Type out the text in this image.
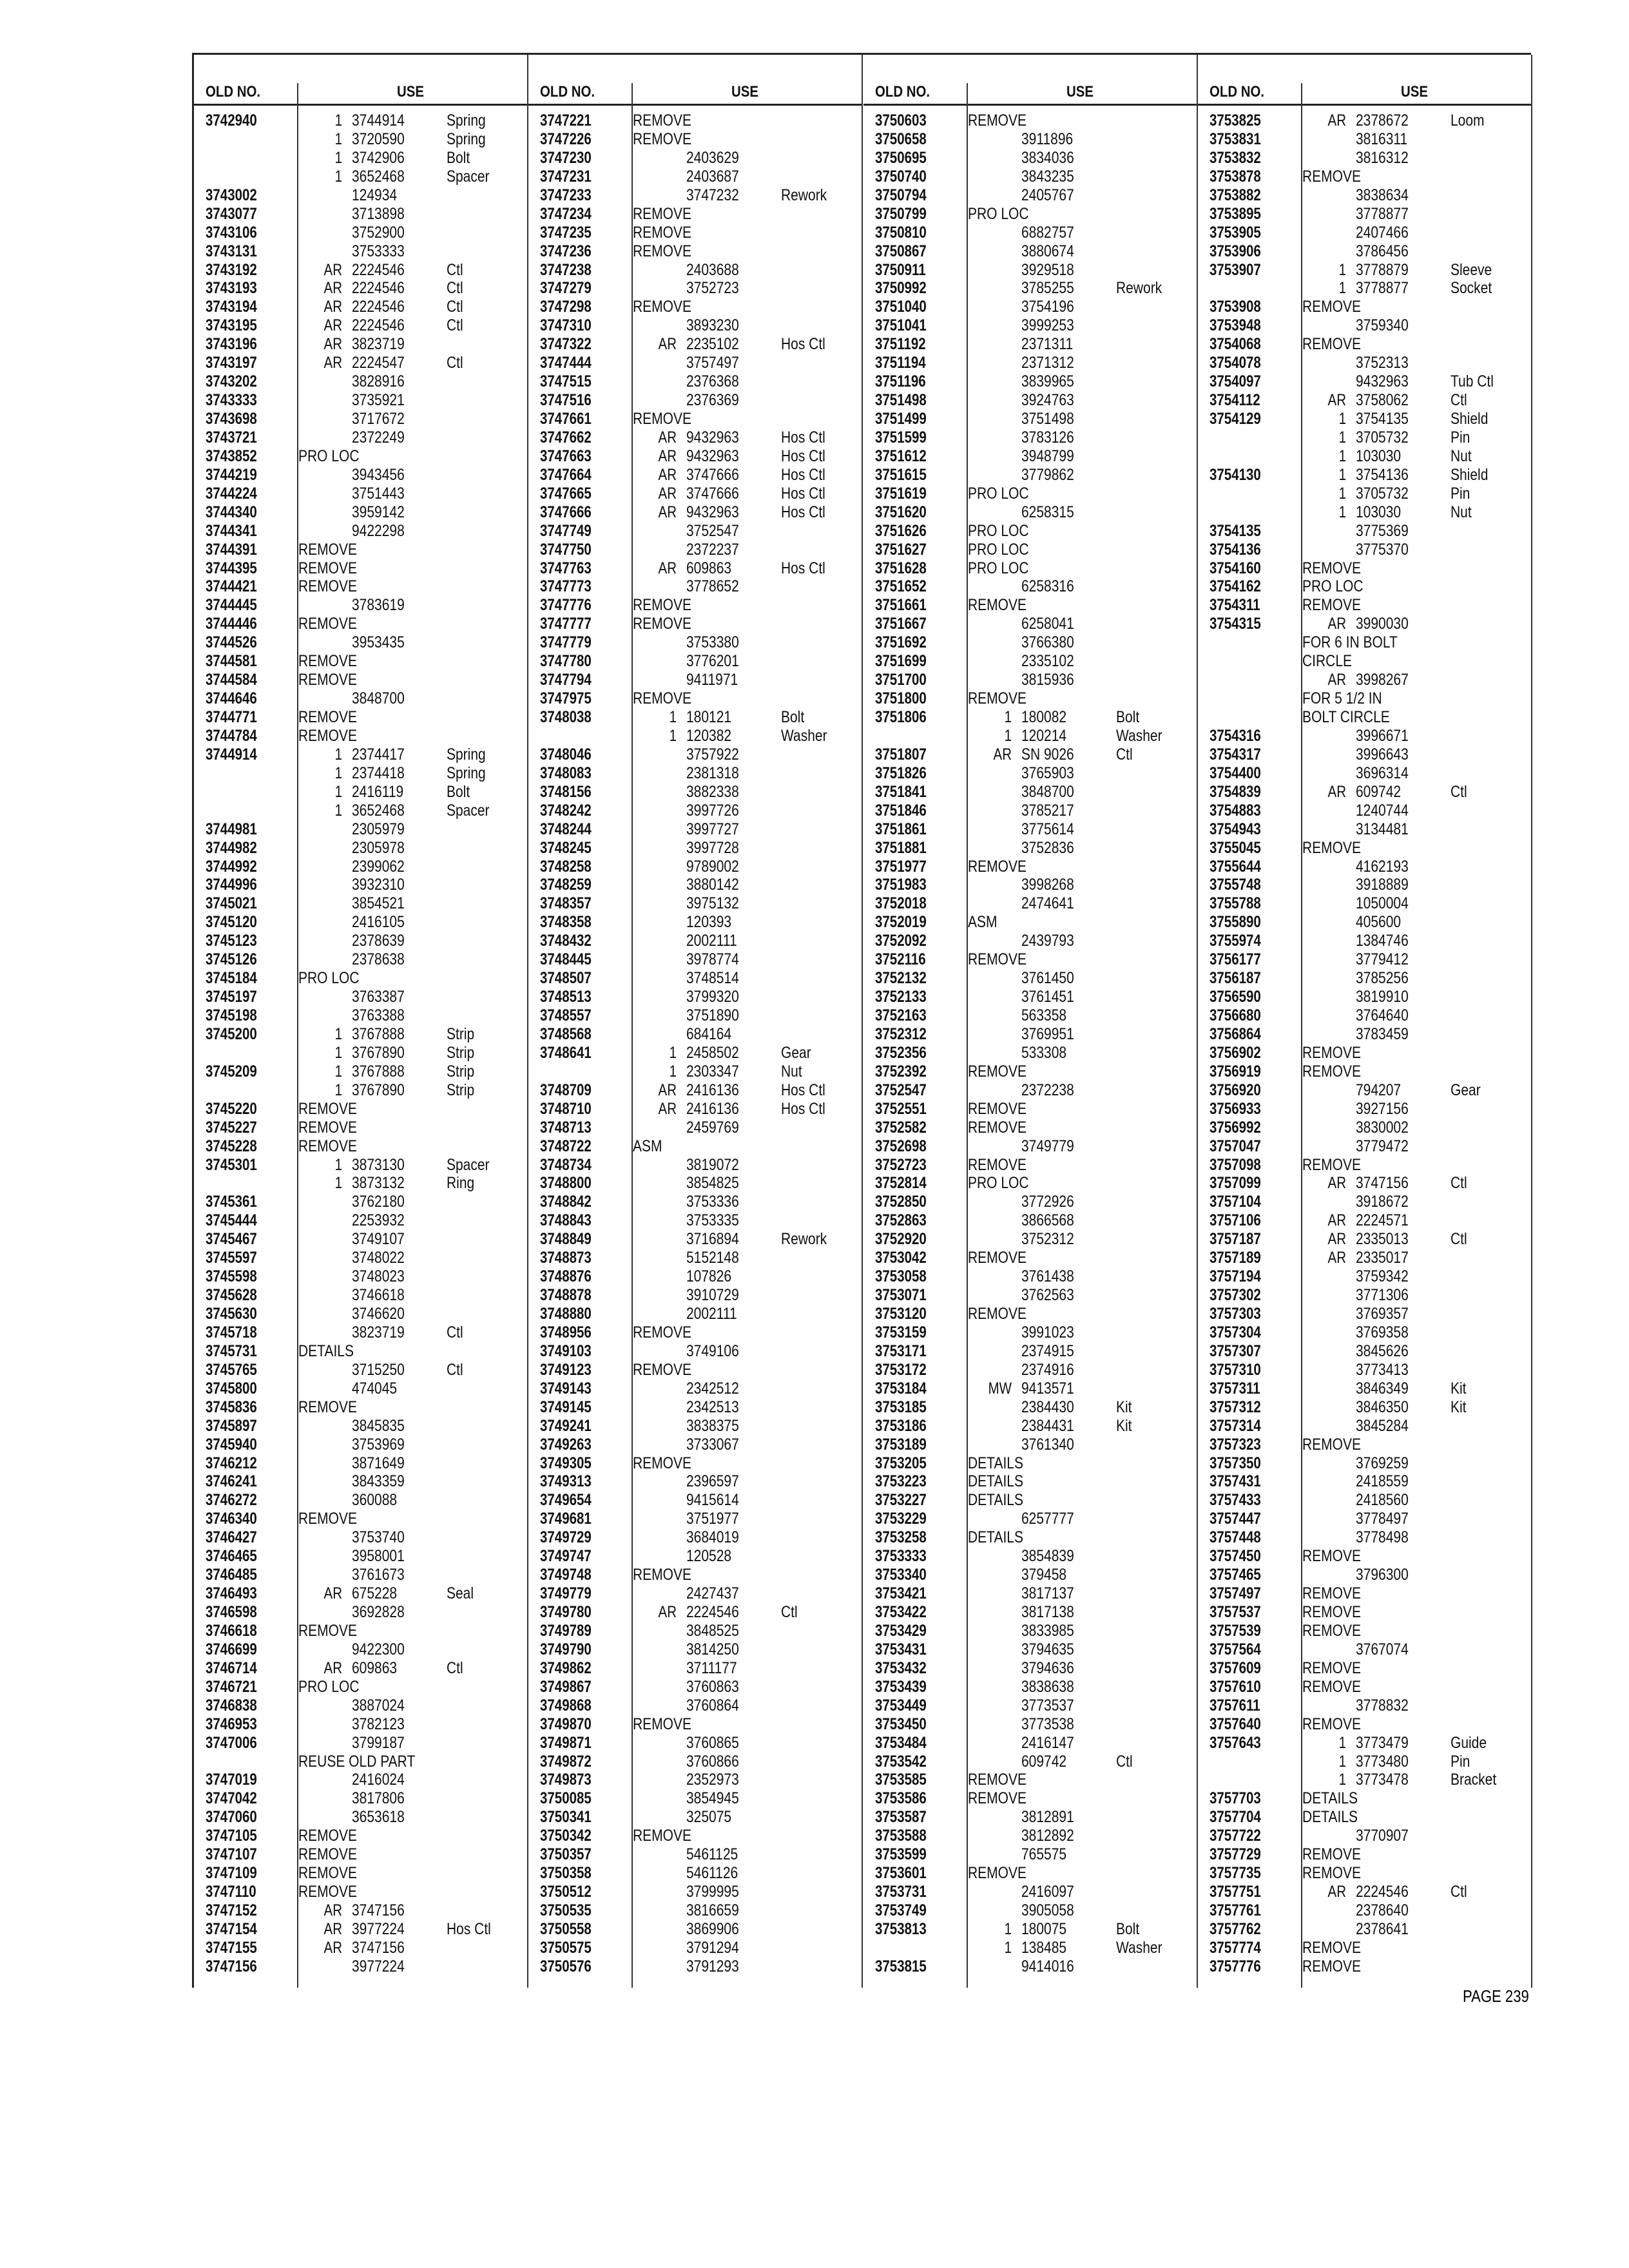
OLD NO.	USE
3742940	1 3744914	Spring
1 3720590	Spring
1 3742906	Bolt
1 3652468	Spacer
3743002	124934
3743077	3713898
3743106	3752900
3743131	3753333
3743192	AR 2224546	Ctl
3743193	AR 2224546	Ctl
3743194	AR 2224546	Ctl
3743195	AR 2224546	Ctl
3743196	AR 3823719
3743197	AR 2224547	Ctl
3743202	3828916
3743333	3735921
3743698	3717672
3743721	2372249
3743852	PRO LOC
3744219	3943456
3744224	3751443
3744340	3959142
3744341	9422298
3744391	REMOVE
3744395	REMOVE
3744421	REMOVE
3744445	3783619
3744446	REMOVE
3744526	3953435
3744581	REMOVE
3744584	REMOVE
3744646	3848700
3744771	REMOVE
3744784	REMOVE
3744914	1 2374417	Spring
1 2374418	Spring
1 2416119	Bolt
1 3652468	Spacer
3744981	2305979
3744982	2305978
3744992	2399062
3744996	3932310
3745021	3854521
3745120	2416105
3745123	2378639
3745126	2378638
3745184	PRO LOC
3745197	3763387
3745198	3763388
3745200	1 3767888	Strip
1 3767890	Strip
3745209	1 3767888	Strip
1 3767890	Strip
3745220	REMOVE
3745227	REMOVE
3745228	REMOVE
3745301	1 3873130	Spacer
1 3873132	Ring
3745361	3762180
3745444	2253932
3745467	3749107
3745597	3748022
3745598	3748023
3745628	3746618
3745630	3746620
3745718	3823719	Ctl
3745731	DETAILS
3745765	3715250	Ctl
3745800	474045
3745836	REMOVE
3745897	3845835
3745940	3753969
3746212	3871649
3746241	3843359
3746272	360088
3746340	REMOVE
3746427	3753740
3746465	3958001
3746485	3761673
3746493	AR 675228	Seal
3746598	3692828
3746618	REMOVE
3746699	9422300
3746714	AR 609863	Ctl
3746721	PRO LOC
3746838	3887024
3746953	3782123
3747006	3799187
REUSE OLD PART
3747019	2416024
3747042	3817806
3747060	3653618
3747105	REMOVE
3747107	REMOVE
3747109	REMOVE
3747110	REMOVE
3747152	AR 3747156
3747154	AR 3977224	Hos Ctl
3747155	AR 3747156
3747156	3977224
OLD NO.	USE
3747221	REMOVE
3747226	REMOVE
3747230	2403629
3747231	2403687
3747233	3747232	Rework
3747234	REMOVE
3747235	REMOVE
3747236	REMOVE
3747238	2403688
3747279	3752723
3747298	REMOVE
3747310	3893230
3747322	AR 2235102	Hos Ctl
3747444	3757497
3747515	2376368
3747516	2376369
3747661	REMOVE
3747662	AR 9432963	Hos Ctl
3747663	AR 9432963	Hos Ctl
3747664	AR 3747666	Hos Ctl
3747665	AR 3747666	Hos Ctl
3747666	AR 9432963	Hos Ctl
3747749	3752547
3747750	2372237
3747763	AR 609863	Hos Ctl
3747773	3778652
3747776	REMOVE
3747777	REMOVE
3747779	3753380
3747780	3776201
3747794	9411971
3747975	REMOVE
3748038	1 180121	Bolt
1 120382	Washer
3748046	3757922
3748083	2381318
3748156	3882338
3748242	3997726
3748244	3997727
3748245	3997728
3748258	9789002
3748259	3880142
3748357	3975132
3748358	120393
3748432	2002111
3748445	3978774
3748507	3748514
3748513	3799320
3748557	3751890
3748568	684164
3748641	1 2458502	Gear
1 2303347	Nut
3748709	AR 2416136	Hos Ctl
3748710	AR 2416136	Hos Ctl
3748713	2459769
3748722	ASM
3748734	3819072
3748800	3854825
3748842	3753336
3748843	3753335
3748849	3716894	Rework
3748873	5152148
3748876	107826
3748878	3910729
3748880	2002111
3748956	REMOVE
3749103	3749106
3749123	REMOVE
3749143	2342512
3749145	2342513
3749241	3838375
3749263	3733067
3749305	REMOVE
3749313	2396597
3749654	9415614
3749681	3751977
3749729	3684019
3749747	120528
3749748	REMOVE
3749779	2427437
3749780	AR 2224546	Ctl
3749789	3848525
3749790	3814250
3749862	3711177
3749867	3760863
3749868	3760864
3749870	REMOVE
3749871	3760865
3749872	3760866
3749873	2352973
3750085	3854945
3750341	325075
3750342	REMOVE
3750357	5461125
3750358	5461126
3750512	3799995
3750535	3816659
3750558	3869906
3750575	3791294
3750576	3791293
OLD NO.	USE
3750603	REMOVE
3750658	3911896
3750695	3834036
3750740	3843235
3750794	2405767
3750799	PRO LOC
3750810	6882757
3750867	3880674
3750911	3929518
3750992	3785255	Rework
3751040	3754196
3751041	3999253
3751192	2371311
3751194	2371312
3751196	3839965
3751498	3924763
3751499	3751498
3751599	3783126
3751612	3948799
3751615	3779862
3751619	PRO LOC
3751620	6258315
3751626	PRO LOC
3751627	PRO LOC
3751628	PRO LOC
3751652	6258316
3751661	REMOVE
3751667	6258041
3751692	3766380
3751699	2335102
3751700	3815936
3751800	REMOVE
3751806	1 180082	Bolt
1 120214	Washer
3751807	AR SN 9026	Ctl
3751826	3765903
3751841	3848700
3751846	3785217
3751861	3775614
3751881	3752836
3751977	REMOVE
3751983	3998268
3752018	2474641
3752019	ASM
3752092	2439793
3752116	REMOVE
3752132	3761450
3752133	3761451
3752163	563358
3752312	3769951
3752356	533308
3752392	REMOVE
3752547	2372238
3752551	REMOVE
3752582	REMOVE
3752698	3749779
3752723	REMOVE
3752814	PRO LOC
3752850	3772926
3752863	3866568
3752920	3752312
3753042	REMOVE
3753058	3761438
3753071	3762563
3753120	REMOVE
3753159	3991023
3753171	2374915
3753172	2374916
3753184	MW 9413571
3753185	2384430	Kit
3753186	2384431	Kit
3753189	3761340
3753205	DETAILS
3753223	DETAILS
3753227	DETAILS
3753229	6257777
3753258	DETAILS
3753333	3854839
3753340	379458
3753421	3817137
3753422	3817138
3753429	3833985
3753431	3794635
3753432	3794636
3753439	3838638
3753449	3773537
3753450	3773538
3753484	2416147
3753542	609742	Ctl
3753585	REMOVE
3753586	REMOVE
3753587	3812891
3753588	3812892
3753599	765575
3753601	REMOVE
3753731	2416097
3753749	3905058
3753813	1 180075	Bolt
1 138485	Washer
3753815	9414016
OLD NO.	USE
3753825	AR 2378672	Loom
3753831	3816311
3753832	3816312
3753878	REMOVE
3753882	3838634
3753895	3778877
3753905	2407466
3753906	3786456
3753907	1 3778879	Sleeve
1 3778877	Socket
3753908	REMOVE
3753948	3759340
3754068	REMOVE
3754078	3752313
3754097	9432963	Tub Ctl
3754112	AR 3758062	Ctl
3754129	1 3754135	Shield
1 3705732	Pin
1 103030	Nut
3754130	1 3754136	Shield
1 3705732	Pin
1 103030	Nut
3754135	3775369
3754136	3775370
3754160	REMOVE
3754162	PRO LOC
3754311	REMOVE
3754315	AR 3990030
FOR 6 IN BOLT
CIRCLE
AR 3998267
FOR 5 1/2 IN
BOLT CIRCLE
3754316	3996671
3754317	3996643
3754400	3696314
3754839	AR 609742	Ctl
3754883	1240744
3754943	3134481
3755045	REMOVE
3755644	4162193
3755748	3918889
3755788	1050004
3755890	405600
3755974	1384746
3756177	3779412
3756187	3785256
3756590	3819910
3756680	3764640
3756864	3783459
3756902	REMOVE
3756919	REMOVE
3756920	794207	Gear
3756933	3927156
3756992	3830002
3757047	3779472
3757098	REMOVE
3757099	AR 3747156	Ctl
3757104	3918672
3757106	AR 2224571
3757187	AR 2335013	Ctl
3757189	AR 2335017
3757194	3759342
3757302	3771306
3757303	3769357
3757304	3769358
3757307	3845626
3757310	3773413
3757311	3846349	Kit
3757312	3846350	Kit
3757314	3845284
3757323	REMOVE
3757350	3769259
3757431	2418559
3757433	2418560
3757447	3778497
3757448	3778498
3757450	REMOVE
3757465	3796300
3757497	REMOVE
3757537	REMOVE
3757539	REMOVE
3757564	3767074
3757609	REMOVE
3757610	REMOVE
3757611	3778832
3757640	REMOVE
3757643	1 3773479	Guide
1 3773480	Pin
1 3773478	Bracket
3757703	DETAILS
3757704	DETAILS
3757722	3770907
3757729	REMOVE
3757735	REMOVE
3757751	AR 2224546	Ctl
3757761	2378640
3757762	2378641
3757774	REMOVE
3757776	REMOVE
PAGE 239
